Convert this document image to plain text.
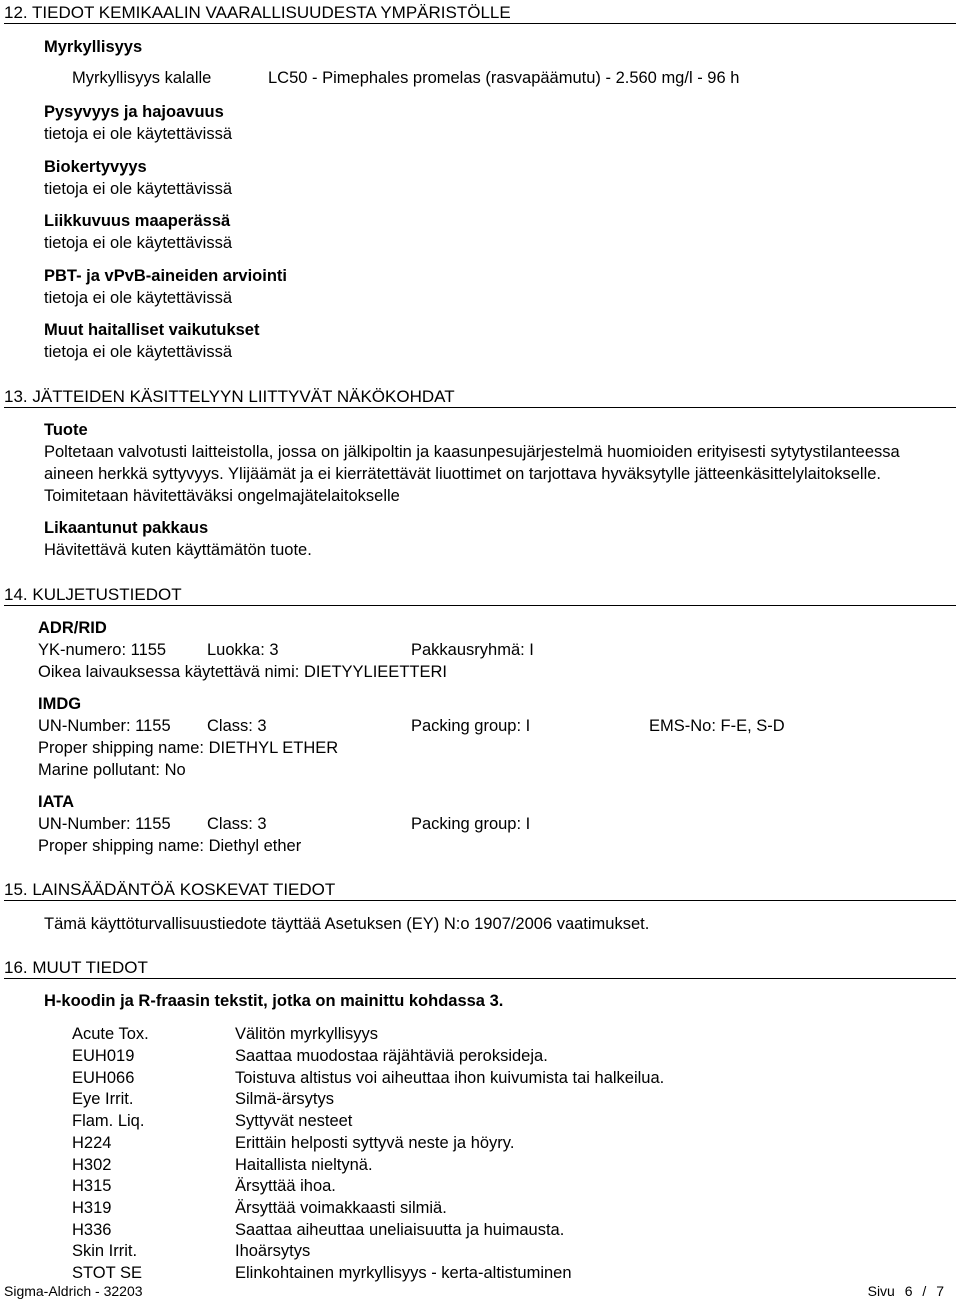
12. TIEDOT KEMIKAALIN VAARALLISUUDESTA YMPÄRISTÖLLE
Myrkyllisyys
Myrkyllisyys kalalle	LC50 - Pimephales promelas (rasvapäämutu) - 2.560 mg/l - 96 h
Pysyvyys ja hajoavuus
tietoja ei ole käytettävissä
Biokertyvyys
tietoja ei ole käytettävissä
Liikkuvuus maaperässä
tietoja ei ole käytettävissä
PBT- ja vPvB-aineiden arviointi
tietoja ei ole käytettävissä
Muut haitalliset vaikutukset
tietoja ei ole käytettävissä
13. JÄTTEIDEN KÄSITTELYYN LIITTYVÄT NÄKÖKOHDAT
Tuote
Poltetaan valvotusti laitteistolla, jossa on jälkipoltin ja kaasunpesujärjestelmä huomioiden erityisesti sytytystilanteessa aineen herkkä syttyvyys. Ylijäämät ja ei kierrätettävät liuottimet on tarjottava hyväksytylle jätteenkäsittelylaitokselle. Toimitetaan hävitettäväksi ongelmajätelaitokselle
Likaantunut pakkaus
Hävitettävä kuten käyttämätön tuote.
14. KULJETUSTIEDOT
ADR/RID
YK-numero: 1155 Luokka: 3	Pakkausryhmä: I
Oikea laivauksessa käytettävä nimi: DIETYYLIEETTERI
IMDG
UN-Number: 1155 Class: 3	Packing group: I	EMS-No: F-E, S-D
Proper shipping name: DIETHYL ETHER
Marine pollutant: No
IATA
UN-Number: 1155 Class: 3	Packing group: I
Proper shipping name: Diethyl ether
15. LAINSÄÄDÄNTÖÄ KOSKEVAT TIEDOT
Tämä käyttöturvallisuustiedote täyttää Asetuksen (EY) N:o 1907/2006 vaatimukset.
16. MUUT TIEDOT
H-koodin ja R-fraasin tekstit, jotka on mainittu kohdassa 3.
Acute Tox.	Välitön myrkyllisyys
EUH019	Saattaa muodostaa räjähtäviä peroksideja.
EUH066	Toistuva altistus voi aiheuttaa ihon kuivumista tai halkeilua.
Eye Irrit.	Silmä-ärsytys
Flam. Liq.	Syttyvät nesteet
H224	Erittäin helposti syttyvä neste ja höyry.
H302	Haitallista nieltynä.
H315	Ärsyttää ihoa.
H319	Ärsyttää voimakkaasti silmiä.
H336	Saattaa aiheuttaa uneliaisuutta ja huimausta.
Skin Irrit.	Ihoärsytys
STOT SE	Elinkohtainen myrkyllisyys - kerta-altistuminen
Sigma-Aldrich - 32203	Sivu 6 / 7
